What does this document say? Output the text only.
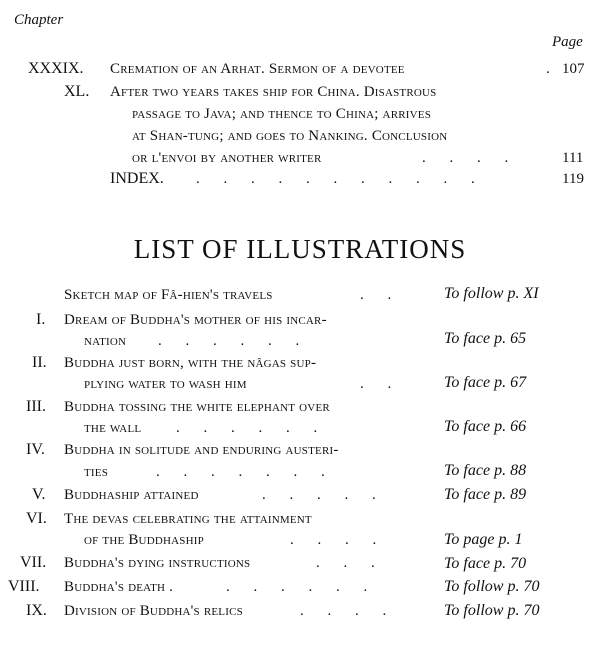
Chapter
Page
XXXIX. Cremation of an Arhat. Sermon of a devotee	. 107
XL. After two years takes ship for China. Disastrous
passage to Java; and thence to China; arrives
at Shan-tung; and goes to Nanking. Conclusion
or l'envoi by another writer	. . . .	111
INDEX. . . . . . . . . . . .	119
LIST OF ILLUSTRATIONS
Sketch map of Fâ-hien's travels	. .	To follow p. XI
I. Dream of Buddha's mother of his incar-
nation . . . . . .	To face p. 65
II. Buddha just born, with the nâgas sup-
plying water to wash him	. .	To face p. 67
III. Buddha tossing the white elephant over
the wall . . . . . .	To face p. 66
IV. Buddha in solitude and enduring austeri-
ties	. . . . . . .	To face p. 88
V. Buddhaship attained	. . . . .	To face p. 89
VI. The devas celebrating the attainment
of the Buddhaship	. . . .	To page p. 1
VII. Buddha's dying instructions	. . .	To face p. 70
VIII. Buddha's death .	. . . . . .	To follow p. 70
IX. Division of Buddha's relics	. . . .	To follow p. 70
